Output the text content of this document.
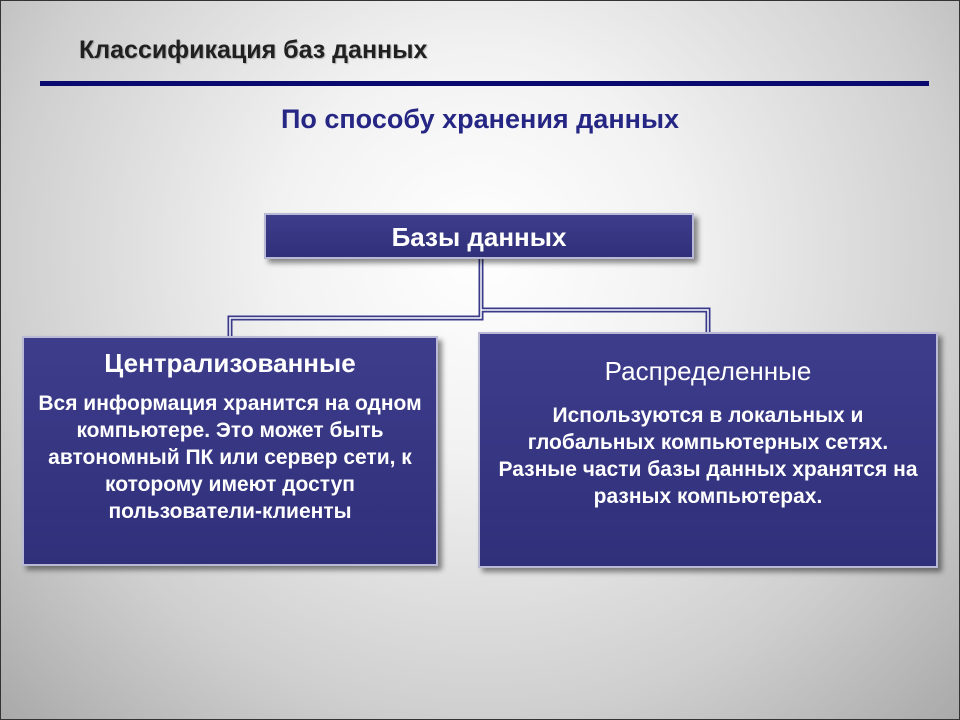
Классификация баз данных
По способу хранения данных
Базы данных
Централизованные
Вся информация хранится на одном компьютере. Это может быть автономный ПК или сервер сети, к которому имеют доступ пользователи-клиенты
Распределенные
Используются в локальных и глобальных компьютерных сетях. Разные части базы данных хранятся на разных компьютерах.
